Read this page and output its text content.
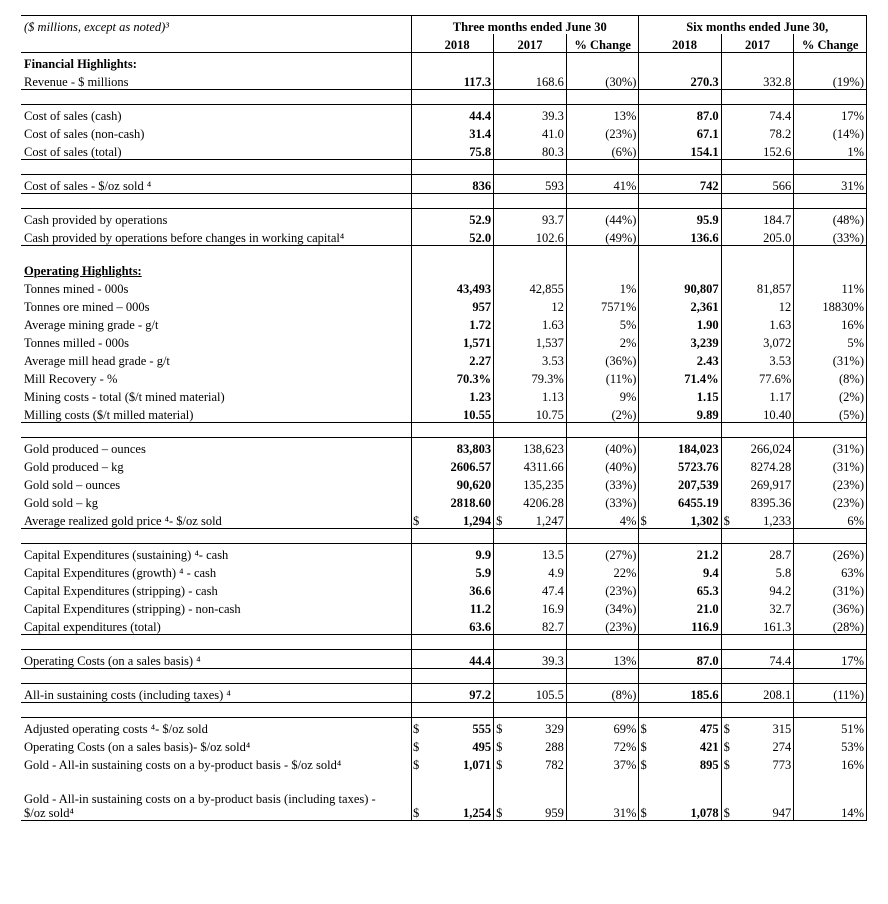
($ millions, except as noted)³		Three months ended June 30				Six months ended June 30,		
		2018	2017	% Change		2018	2017	% Change
Financial Highlights:								
Revenue - $ millions		117.3	168.6	(30%)		270.3	332.8	(19%)

Cost of sales (cash)		44.4	39.3	13%		87.0	74.4	17%
Cost of sales (non-cash)		31.4	41.0	(23%)		67.1	78.2	(14%)
Cost of sales (total)		75.8	80.3	(6%)		154.1	152.6	1%

Cost of sales - $/oz sold ⁴		836	593	41%		742	566	31%

Cash provided by operations		52.9	93.7	(44%)		95.9	184.7	(48%)
Cash provided by operations before changes in working capital⁴		52.0	102.6	(49%)		136.6	205.0	(33%)

Operating Highlights:								
Tonnes mined - 000s		43,493	42,855	1%		90,807	81,857	11%
Tonnes ore mined – 000s		957	12	7571%		2,361	12	18830%
Average mining grade - g/t		1.72	1.63	5%		1.90	1.63	16%
Tonnes milled - 000s		1,571	1,537	2%		3,239	3,072	5%
Average mill head grade - g/t		2.27	3.53	(36%)		2.43	3.53	(31%)
Mill Recovery - %		70.3%	79.3%	(11%)		71.4%	77.6%	(8%)
Mining costs - total ($/t mined material)		1.23	1.13	9%		1.15	1.17	(2%)
Milling costs ($/t milled material)		10.55	10.75	(2%)		9.89	10.40	(5%)

Gold produced – ounces		83,803	138,623	(40%)		184,023	266,024	(31%)
Gold produced – kg		2606.57	4311.66	(40%)		5723.76	8274.28	(31%)
Gold sold – ounces		90,620	135,235	(33%)		207,539	269,917	(23%)
Gold sold – kg		2818.60	4206.28	(33%)		6455.19	8395.36	(23%)
Average realized gold price ⁴- $/oz sold	$	1,294	$ 1,247	4%	$	1,302	$ 1,233	6%

Capital Expenditures (sustaining) ⁴- cash		9.9	13.5	(27%)		21.2	28.7	(26%)
Capital Expenditures (growth) ⁴ - cash		5.9	4.9	22%		9.4	5.8	63%
Capital Expenditures (stripping) - cash		36.6	47.4	(23%)		65.3	94.2	(31%)
Capital Expenditures (stripping) - non-cash		11.2	16.9	(34%)		21.0	32.7	(36%)
Capital expenditures (total)		63.6	82.7	(23%)		116.9	161.3	(28%)

Operating Costs (on a sales basis) ⁴		44.4	39.3	13%		87.0	74.4	17%

All-in sustaining costs (including taxes) ⁴		97.2	105.5	(8%)		185.6	208.1	(11%)

Adjusted operating costs ⁴- $/oz sold	$	555	$ 329	69%	$	475	$ 315	51%
Operating Costs (on a sales basis)- $/oz sold⁴	$	495	$ 288	72%	$	421	$ 274	53%
Gold - All-in sustaining costs on a by-product basis - $/oz sold⁴	$	1,071	$ 782	37%	$	895	$ 773	16%
Gold - All-in sustaining costs on a by-product basis (including taxes) -
$/oz sold⁴	$	1,254	$ 959	31%	$	1,078	$ 947	14%
